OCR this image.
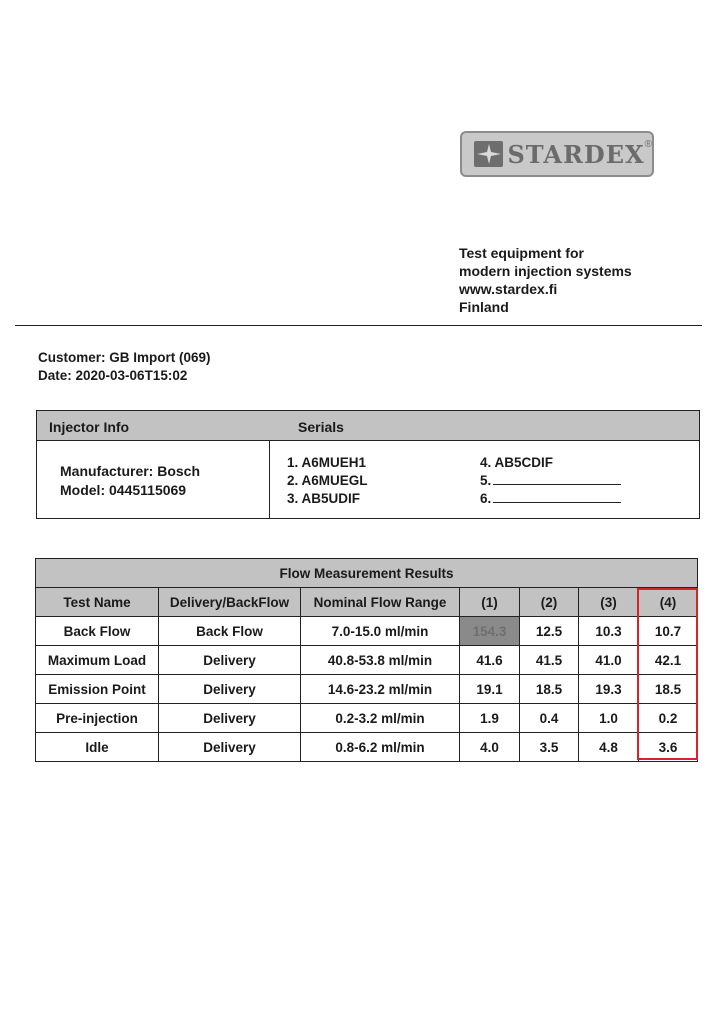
STARDEX ®
Test equipment for
modern injection systems
www.stardex.fi
Finland
Customer: GB Import (069)
Date: 2020-03-06T15:02
Injector Info	Serials
Manufacturer: Bosch
Model: 0445115069
1. A6MUEH1
2. A6MUEGL
3. AB5UDIF
4. AB5CDIF
5.
6.
Flow Measurement Results						
Test Name	Delivery/BackFlow	Nominal Flow Range	(1)	(2)	(3)	(4)
Back Flow	Back Flow	7.0-15.0 ml/min	154.3	12.5	10.3	10.7
Maximum Load	Delivery	40.8-53.8 ml/min	41.6	41.5	41.0	42.1
Emission Point	Delivery	14.6-23.2 ml/min	19.1	18.5	19.3	18.5
Pre-injection	Delivery	0.2-3.2 ml/min	1.9	0.4	1.0	0.2
Idle	Delivery	0.8-6.2 ml/min	4.0	3.5	4.8	3.6
